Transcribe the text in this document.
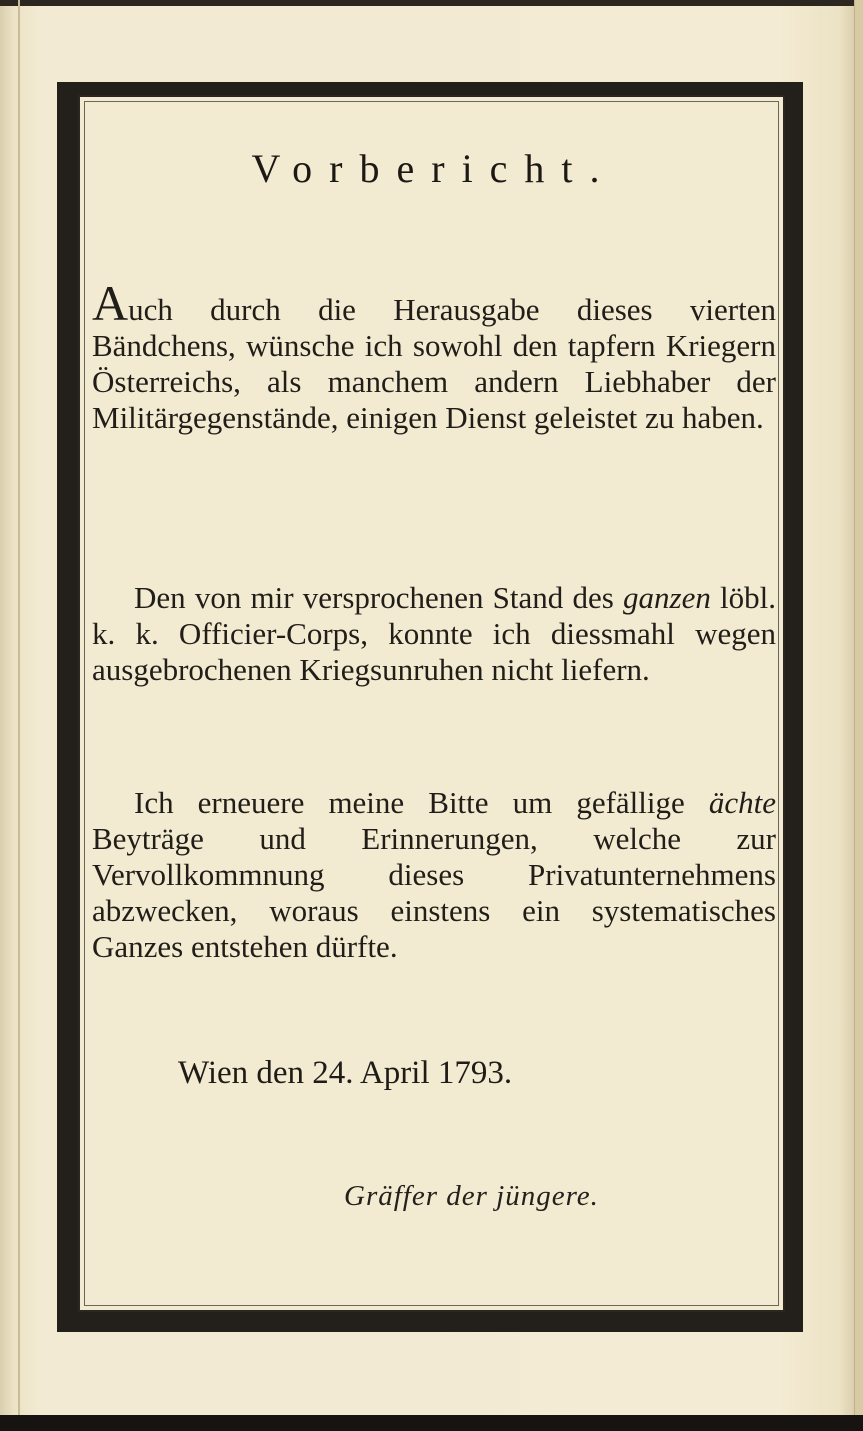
Vorbericht.
Auch durch die Herausgabe dieses vierten Bändchens, wünsche ich sowohl den tapfern Kriegern Österreichs, als manchem andern Liebhaber der Militärgegenstände, einigen Dienst geleistet zu haben.
Den von mir versprochenen Stand des ganzen löbl. k. k. Officier-Corps, konnte ich diessmahl wegen ausgebrochenen Kriegsunruhen nicht liefern.
Ich erneuere meine Bitte um gefällige ächte Beyträge und Erinnerungen, welche zur Vervollkommnung dieses Privatunternehmens abzwecken, woraus einstens ein systematisches Ganzes entstehen dürfte.
Wien den 24. April 1793.
Gräffer der jüngere.
